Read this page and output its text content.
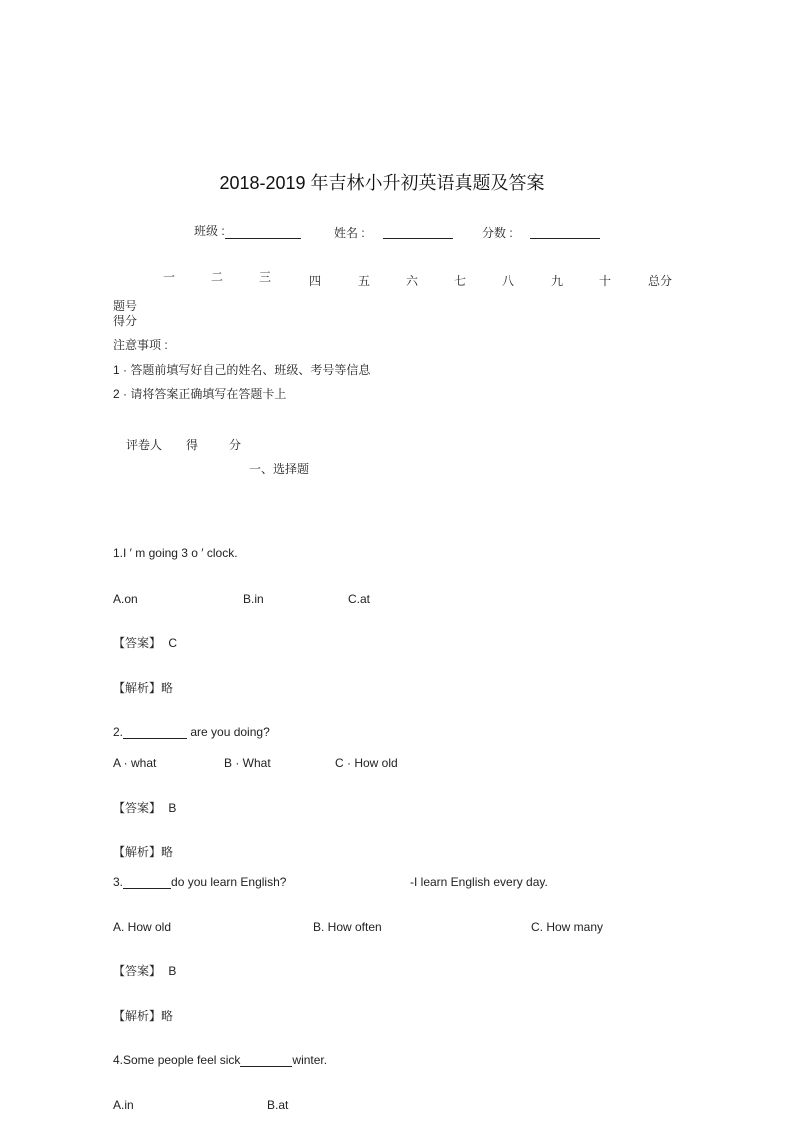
2018-2019 年吉林小升初英语真题及答案
班级 :	姓名 :	分数 :
一	二	三	四	五	六	七	八	九	十	总分
题号
得分
注意事项 :
1 · 答题前填写好自己的姓名、班级、考号等信息
2 · 请将答案正确填写在答题卡上
评卷人 得	分
一、选择题
1.I ′ m going 3 o ′ clock.
A.on	B.in	C.at
【答案】 C
【解析】略
2.	are you doing?
A · what	B · What	C · How old
【答案】 B
【解析】略
3.	do you learn English?	-I learn English every day.
A. How old	B. How often	C. How many
【答案】 B
【解析】略
4.Some people feel sick	winter.
A.in	B.at
